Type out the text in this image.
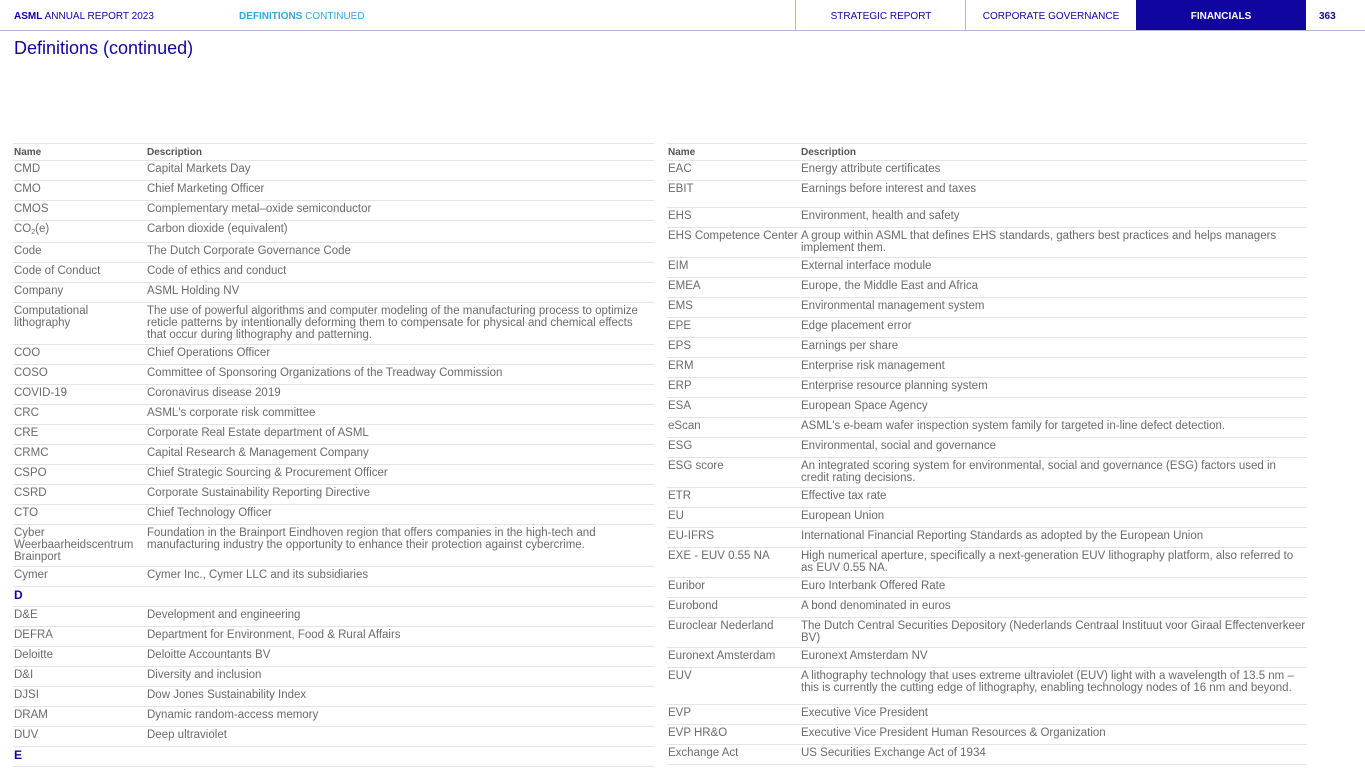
ASML ANNUAL REPORT 2023	DEFINITIONS CONTINUED	STRATEGIC REPORT	CORPORATE GOVERNANCE	FINANCIALS	363
Definitions (continued)
Name	Description
CMD	Capital Markets Day
CMO	Chief Marketing Officer
CMOS	Complementary metal–oxide semiconductor
$CO_2(e)$	Carbon dioxide (equivalent)
Code	The Dutch Corporate Governance Code
Code of Conduct	Code of ethics and conduct
Company	ASML Holding NV
Computational lithography	The use of powerful algorithms and computer modeling of the manufacturing process to optimize reticle patterns by intentionally deforming them to compensate for physical and chemical effects that occur during lithography and patterning.
COO	Chief Operations Officer
COSO	Committee of Sponsoring Organizations of the Treadway Commission
COVID-19	Coronavirus disease 2019
CRC	ASML's corporate risk committee
CRE	Corporate Real Estate department of ASML
CRMC	Capital Research & Management Company
CSPO	Chief Strategic Sourcing & Procurement Officer
CSRD	Corporate Sustainability Reporting Directive
CTO	Chief Technology Officer
Cyber Weerbaarheidscentrum Brainport	Foundation in the Brainport Eindhoven region that offers companies in the high-tech and manufacturing industry the opportunity to enhance their protection against cybercrime.
Cymer	Cymer Inc., Cymer LLC and its subsidiaries
D	
D&E	Development and engineering
DEFRA	Department for Environment, Food & Rural Affairs
Deloitte	Deloitte Accountants BV
D&I	Diversity and inclusion
DJSI	Dow Jones Sustainability Index
DRAM	Dynamic random-access memory
DUV	Deep ultraviolet
E	
Name	Description
EAC	Energy attribute certificates
EBIT	Earnings before interest and taxes
EHS	Environment, health and safety
EHS Competence Center	A group within ASML that defines EHS standards, gathers best practices and helps managers implement them.
EIM	External interface module
EMEA	Europe, the Middle East and Africa
EMS	Environmental management system
EPE	Edge placement error
EPS	Earnings per share
ERM	Enterprise risk management
ERP	Enterprise resource planning system
ESA	European Space Agency
eScan	ASML's e-beam wafer inspection system family for targeted in-line defect detection.
ESG	Environmental, social and governance
ESG score	An integrated scoring system for environmental, social and governance (ESG) factors used in credit rating decisions.
ETR	Effective tax rate
EU	European Union
EU-IFRS	International Financial Reporting Standards as adopted by the European Union
EXE - EUV 0.55 NA	High numerical aperture, specifically a next-generation EUV lithography platform, also referred to as EUV 0.55 NA.
Euribor	Euro Interbank Offered Rate
Eurobond	A bond denominated in euros
Euroclear Nederland	The Dutch Central Securities Depository (Nederlands Centraal Instituut voor Giraal Effectenverkeer BV)
Euronext Amsterdam	Euronext Amsterdam NV
EUV	A lithography technology that uses extreme ultraviolet (EUV) light with a wavelength of 13.5 nm – this is currently the cutting edge of lithography, enabling technology nodes of 16 nm and beyond.
EVP	Executive Vice President
EVP HR&O	Executive Vice President Human Resources & Organization
Exchange Act	US Securities Exchange Act of 1934
